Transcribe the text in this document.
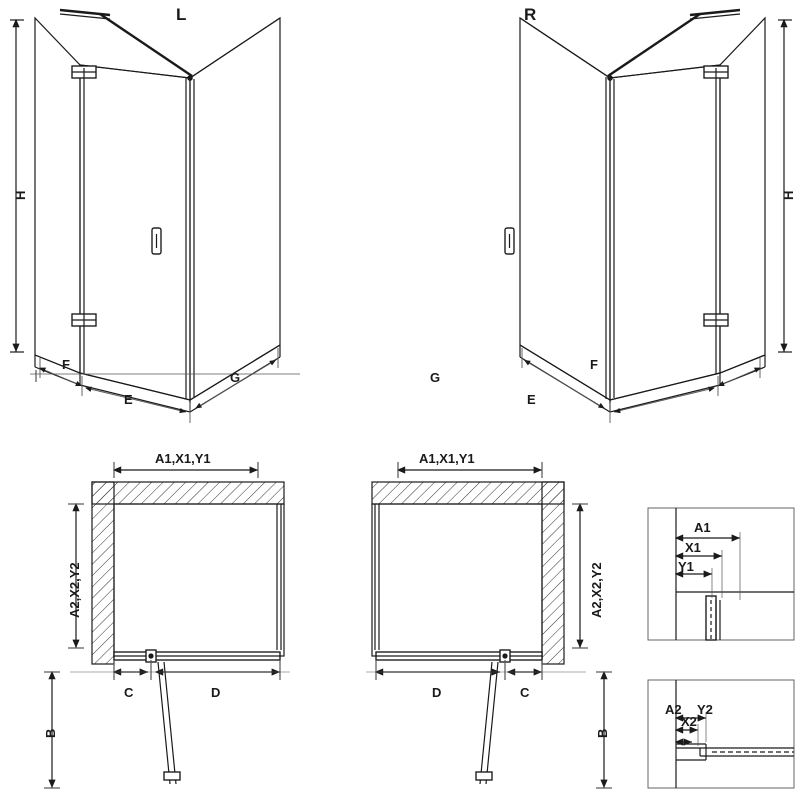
L	R
H	H
F
E
G	G
E
F
A1,X1,Y1	A1,X1,Y1
A2,X2,Y2	A2,X2,Y2
B	B
C	D	D	C
A1
X1
Y1
A2
X2
Y2
